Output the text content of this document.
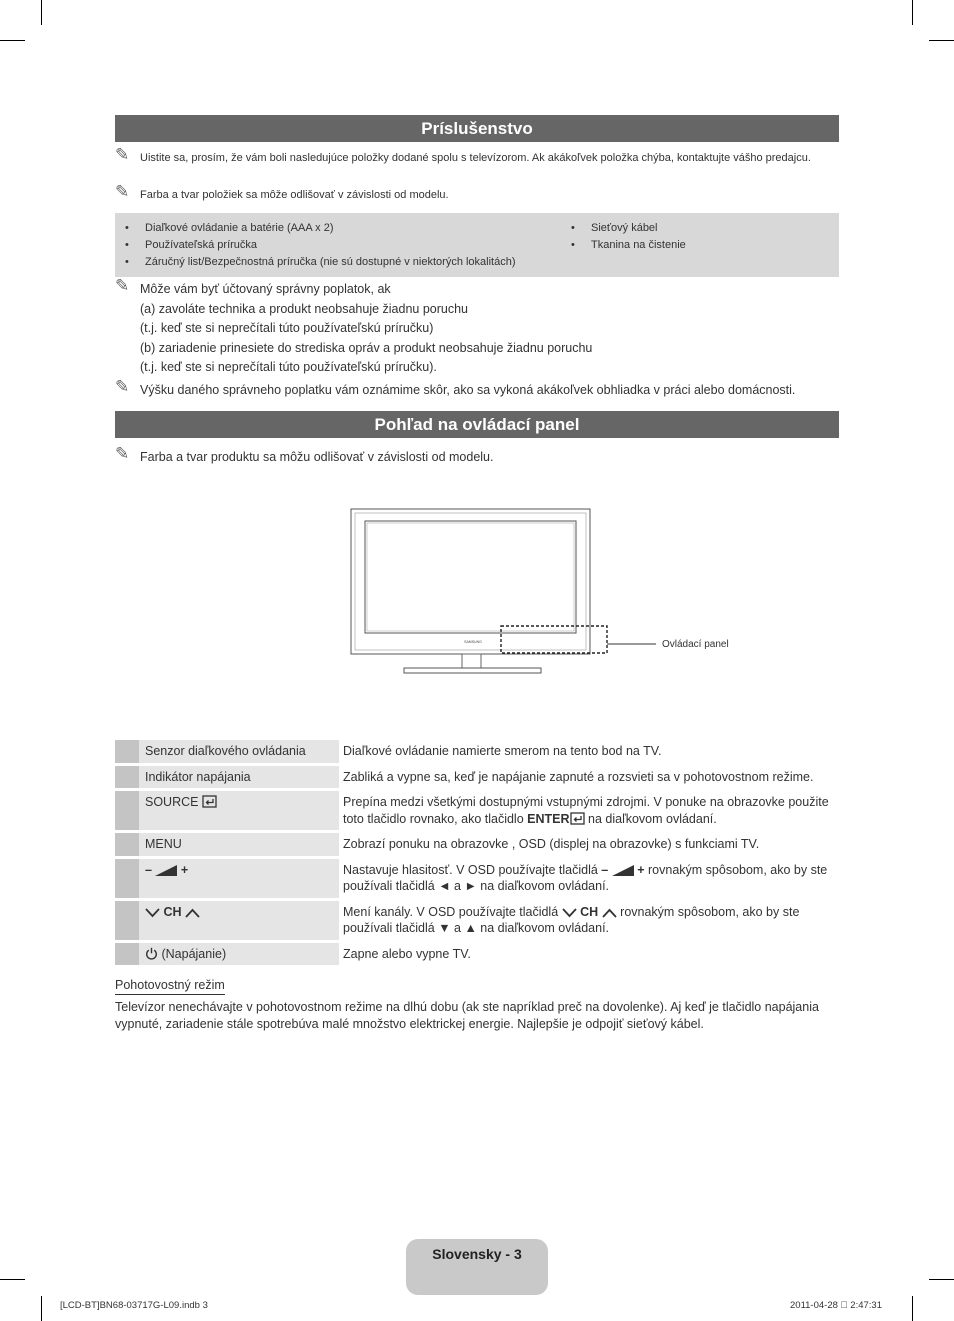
Príslušenstvo
✎ Uistite sa, prosím, že vám boli nasledujúce položky dodané spolu s televízorom. Ak akákoľvek položka chýba, kontaktujte vášho predajcu.
✎ Farba a tvar položiek sa môže odlišovať v závislosti od modelu.
• Diaľkové ovládanie a batérie (AAA x 2)
• Používateľská príručka
• Záručný list/Bezpečnostná príručka (nie sú dostupné v niektorých lokalitách)
• Sieťový kábel
• Tkanina na čistenie
✎ Môže vám byť účtovaný správny poplatok, ak
(a) zavoláte technika a produkt neobsahuje žiadnu poruchu
(t.j. keď ste si neprečítali túto používateľskú príručku)
(b) zariadenie prinesiete do strediska opráv a produkt neobsahuje žiadnu poruchu
(t.j. keď ste si neprečítali túto používateľskú príručku).
✎ Výšku daného správneho poplatku vám oznámime skôr, ako sa vykoná akákoľvek obhliadka v práci alebo domácnosti.
Pohľad na ovládací panel
✎ Farba a tvar produktu sa môžu odlišovať v závislosti od modelu.
SAMSUNG	Ovládací panel
	Senzor diaľkového ovládania	Diaľkové ovládanie namierte smerom na tento bod na TV.
	Indikátor napájania	Zabliká a vypne sa, keď je napájanie zapnuté a rozsvieti sa v pohotovostnom režime.
	SOURCE	Prepína medzi všetkými dostupnými vstupnými zdrojmi. V ponuke na obrazovke použite toto tlačidlo rovnako, ako tlačidlo ENTER na diaľkovom ovládaní.
	MENU	Zobrazí ponuku na obrazovke , OSD (displej na obrazovke) s funkciami TV.
	– +	Nastavuje hlasitosť. V OSD používajte tlačidlá – + rovnakým spôsobom, ako by ste používali tlačidlá ◄ a ► na diaľkovom ovládaní.
	CH	Mení kanály. V OSD používajte tlačidlá CH rovnakým spôsobom, ako by ste používali tlačidlá ▼ a ▲ na diaľkovom ovládaní.
	(Napájanie)	Zapne alebo vypne TV.
Pohotovostný režim
Televízor nenechávajte v pohotovostnom režime na dlhú dobu (ak ste napríklad preč na dovolenke). Aj keď je tlačidlo napájania vypnuté, zariadenie stále spotrebúva malé množstvo elektrickej energie. Najlepšie je odpojiť sieťový kábel.
Slovensky - 3
[LCD-BT]BN68-03717G-L09.indb 3	2011-04-28 􀀀 2:47:31
